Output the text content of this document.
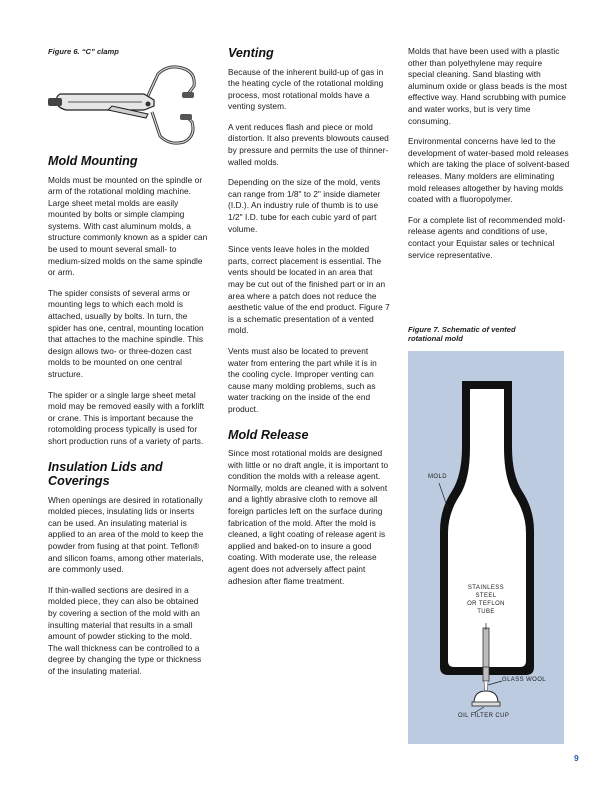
Figure 6. “C” clamp
Mold Mounting

Molds must be mounted on the spindle or arm of the rotational molding machine. Large sheet metal molds are easily mounted by bolts or simple clamping systems. With cast aluminum molds, a structure commonly known as a spider can be used to mount several small- to medium-sized molds on the same spindle or arm.

The spider consists of several arms or mounting legs to which each mold is attached, usually by bolts. In turn, the spider has one, central, mounting location that attaches to the machine spindle. This design allows two- or three-dozen cast molds to be mounted on one central structure.

The spider or a single large sheet metal mold may be removed easily with a forklift or crane. This is important because the rotomolding process typically is used for short production runs of a variety of parts.

Insulation Lids and Coverings

When openings are desired in rotationally molded pieces, insulating lids or inserts can be used. An insulating material is applied to an area of the mold to keep the powder from fusing at that point. Teflon® and silicon foams, among other materials, are commonly used.

If thin-walled sections are desired in a molded piece, they can also be obtained by covering a section of the mold with an insulting material that results in a small amount of powder sticking to the mold. The wall thickness can be controlled to a degree by changing the type or thickness of the insulating material.

Venting

Because of the inherent build-up of gas in the heating cycle of the rotational molding process, most rotational molds have a venting system.

A vent reduces flash and piece or mold distortion. It also prevents blowouts caused by pressure and permits the use of thinner-walled molds.

Depending on the size of the mold, vents can range from 1/8" to 2" inside diameter (I.D.). An industry rule of thumb is to use 1/2" I.D. tube for each cubic yard of part volume.

Since vents leave holes in the molded parts, correct placement is essential. The vents should be located in an area that may be cut out of the finished part or in an area where a patch does not reduce the aesthetic value of the end product. Figure 7 is a schematic presentation of a vented mold.

Vents must also be located to prevent water from entering the part while it is in the cooling cycle. Improper venting can cause many molding problems, such as water tracking on the inside of the end product.

Mold Release

Since most rotational molds are designed with little or no draft angle, it is important to condition the molds with a release agent. Normally, molds are cleaned with a solvent and a lightly abrasive cloth to remove all foreign particles left on the surface during fabrication of the mold. After the mold is cleaned, a light coating of release agent is applied and baked-on to insure a good coating. With moderate use, the release agent does not adversely affect paint adhesion after flame treatment.

Molds that have been used with a plastic other than polyethylene may require special cleaning. Sand blasting with aluminum oxide or glass beads is the most effective way. Hand scrubbing with pumice and water works, but is very time consuming.

Environmental concerns have led to the development of water-based mold releases which are taking the place of solvent-based releases. Many molders are eliminating mold releases altogether by having molds coated with a fluoropolymer.

For a complete list of recommended mold-release agents and conditions of use, contact your Equistar sales or technical service representative.

Figure 7. Schematic of vented
rotational mold
MOLD
STAINLESS
STEEL
OR TEFLON
TUBE
GLASS WOOL
OIL FILTER CUP
9
